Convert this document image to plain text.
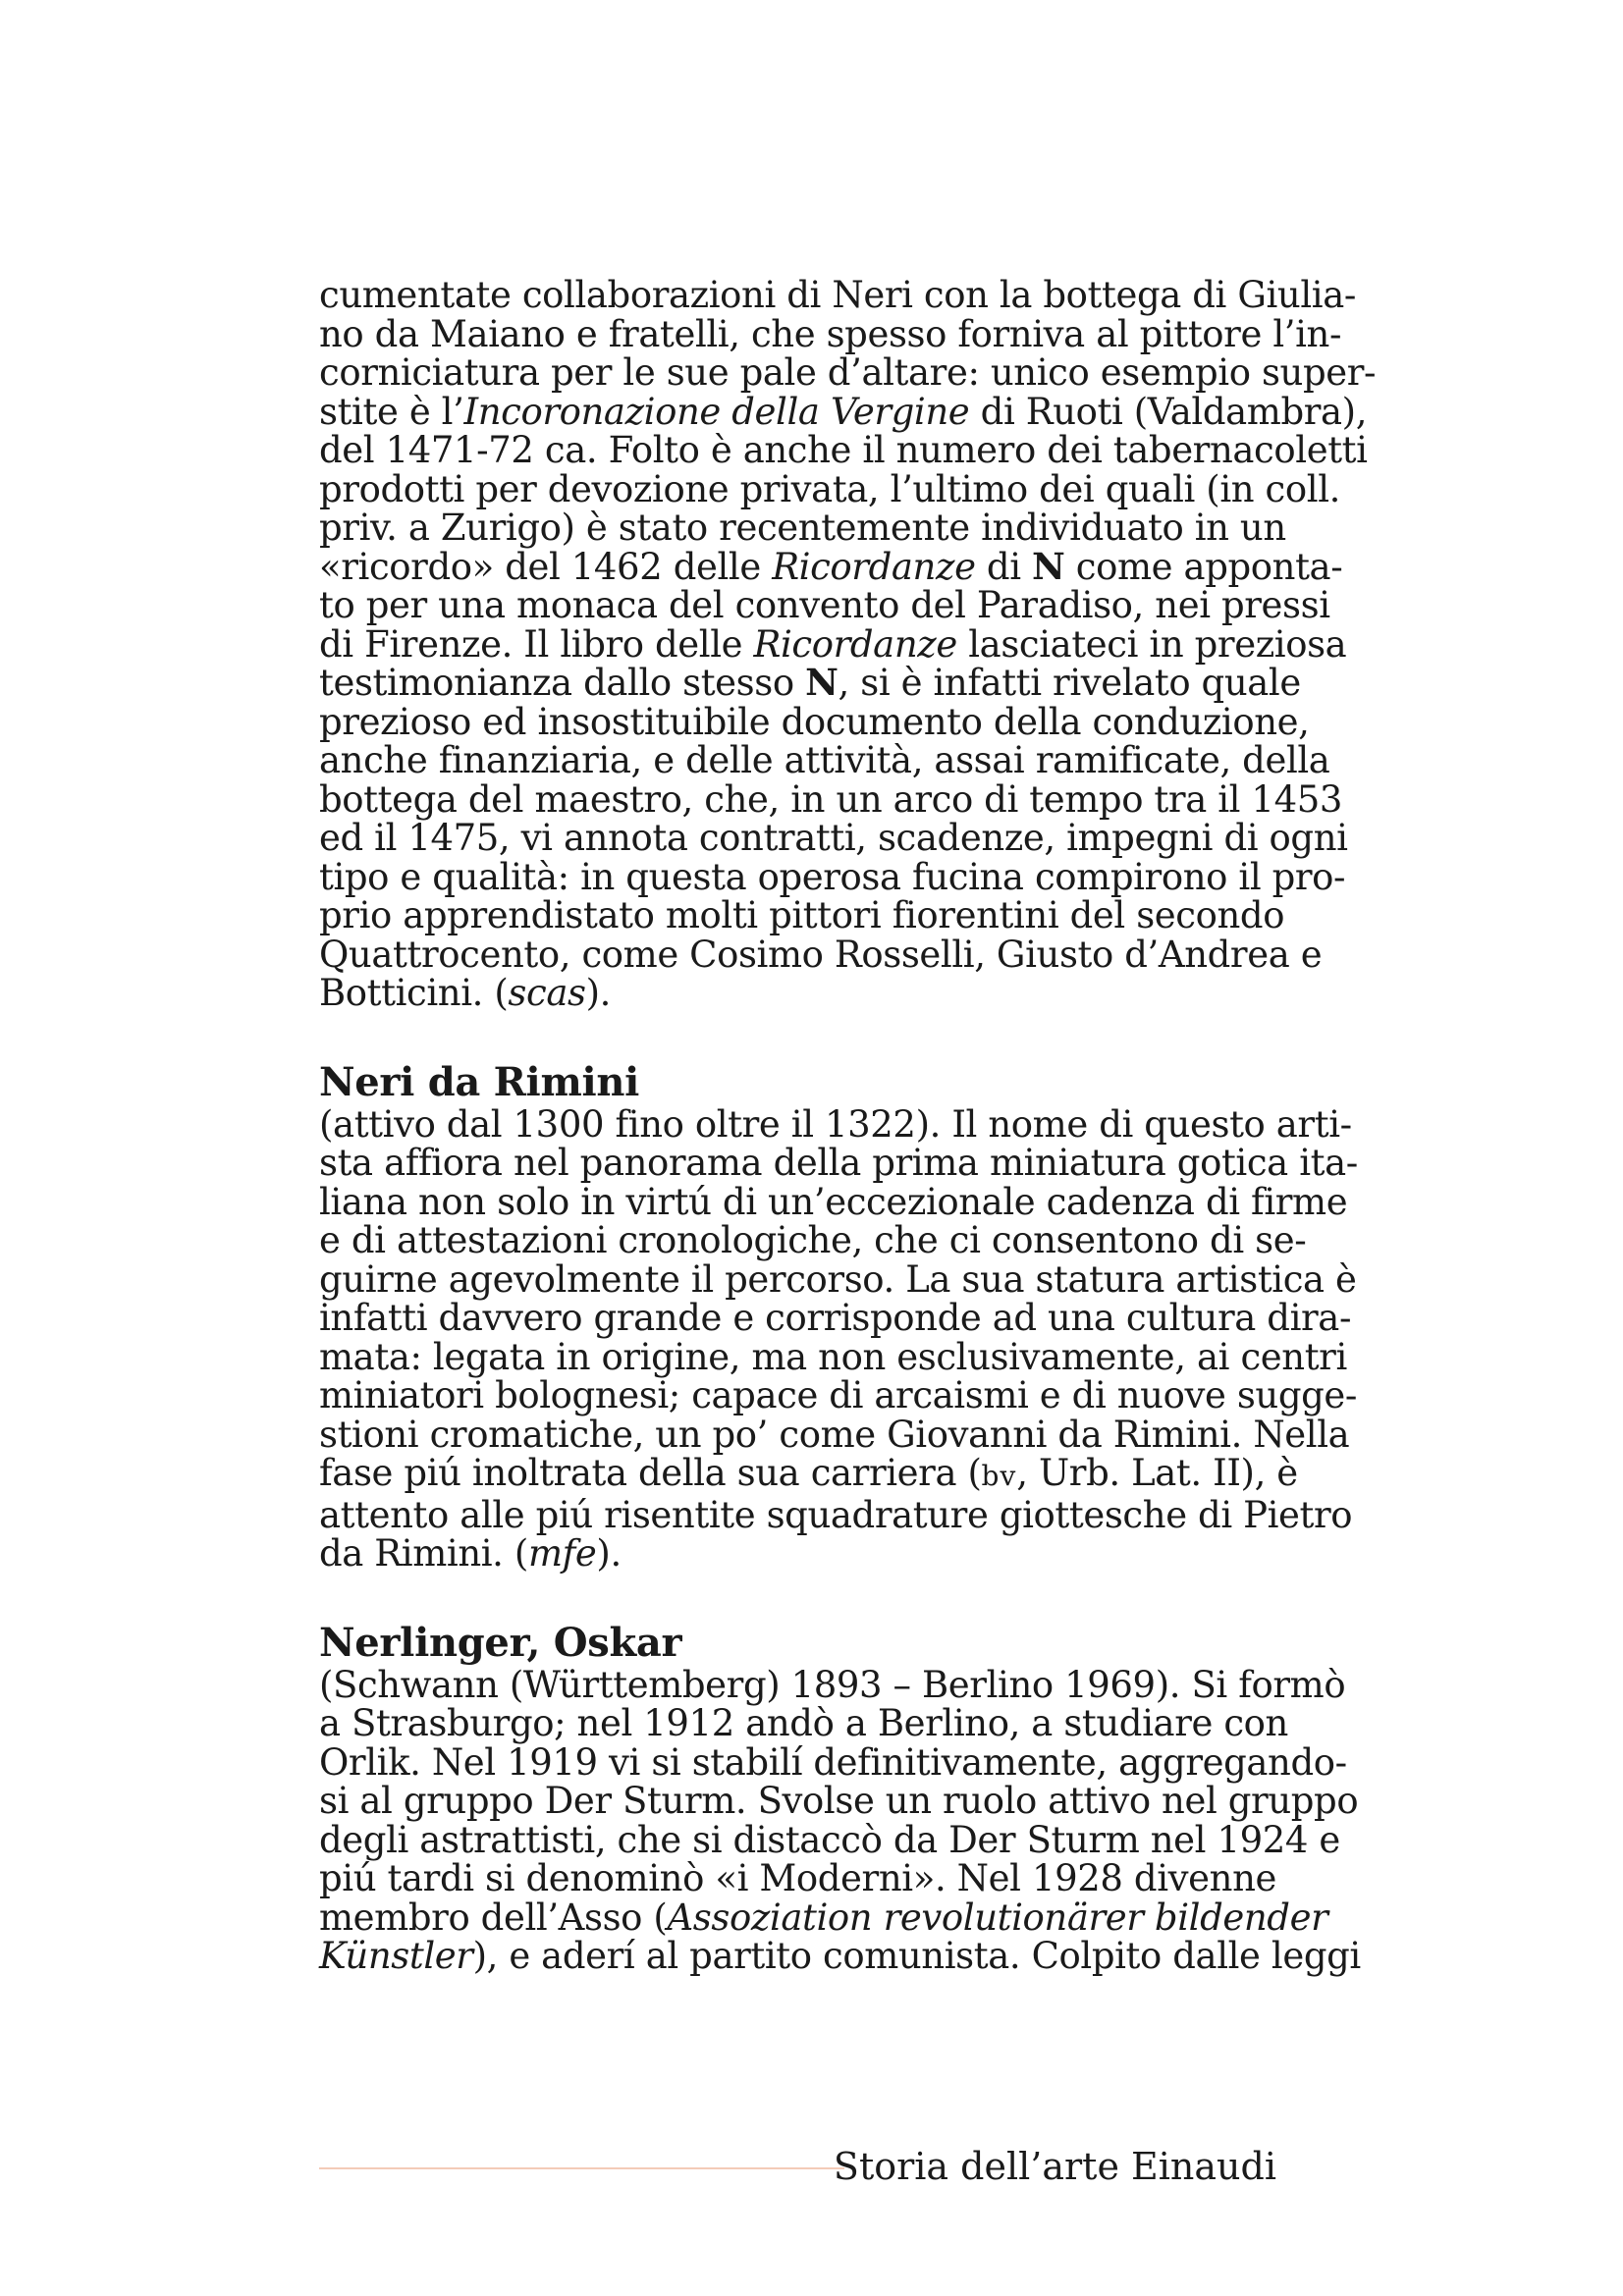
cumentate collaborazioni di Neri con la bottega di Giulia-
no da Maiano e fratelli, che spesso forniva al pittore l’in-
corniciatura per le sue pale d’altare: unico esempio super-
stite è l’Incoronazione della Vergine di Ruoti (Valdambra),
del 1471-72 ca. Folto è anche il numero dei tabernacoletti
prodotti per devozione privata, l’ultimo dei quali (in coll.
priv. a Zurigo) è stato recentemente individuato in un
«ricordo» del 1462 delle Ricordanze di N come apponta-
to per una monaca del convento del Paradiso, nei pressi
di Firenze. Il libro delle Ricordanze lasciateci in preziosa
testimonianza dallo stesso N, si è infatti rivelato quale
prezioso ed insostituibile documento della conduzione,
anche finanziaria, e delle attività, assai ramificate, della
bottega del maestro, che, in un arco di tempo tra il 1453
ed il 1475, vi annota contratti, scadenze, impegni di ogni
tipo e qualità: in questa operosa fucina compirono il pro-
prio apprendistato molti pittori fiorentini del secondo
Quattrocento, come Cosimo Rosselli, Giusto d’Andrea e
Botticini. (scas).
Neri da Rimini
(attivo dal 1300 fino oltre il 1322). Il nome di questo arti-
sta affiora nel panorama della prima miniatura gotica ita-
liana non solo in virtú di un’eccezionale cadenza di firme
e di attestazioni cronologiche, che ci consentono di se-
guirne agevolmente il percorso. La sua statura artistica è
infatti davvero grande e corrisponde ad una cultura dira-
mata: legata in origine, ma non esclusivamente, ai centri
miniatori bolognesi; capace di arcaismi e di nuove sugge-
stioni cromatiche, un po’ come Giovanni da Rimini. Nella
fase piú inoltrata della sua carriera (bv, Urb. Lat. II), è
attento alle piú risentite squadrature giottesche di Pietro
da Rimini. (mfe).
Nerlinger, Oskar
(Schwann (Württemberg) 1893 – Berlino 1969). Si formò
a Strasburgo; nel 1912 andò a Berlino, a studiare con
Orlik. Nel 1919 vi si stabilí definitivamente, aggregando-
si al gruppo Der Sturm. Svolse un ruolo attivo nel gruppo
degli astrattisti, che si distaccò da Der Sturm nel 1924 e
piú tardi si denominò «i Moderni». Nel 1928 divenne
membro dell’Asso (Assoziation revolutionärer bildender
Künstler), e aderí al partito comunista. Colpito dalle leggi
Storia dell’arte Einaudi
